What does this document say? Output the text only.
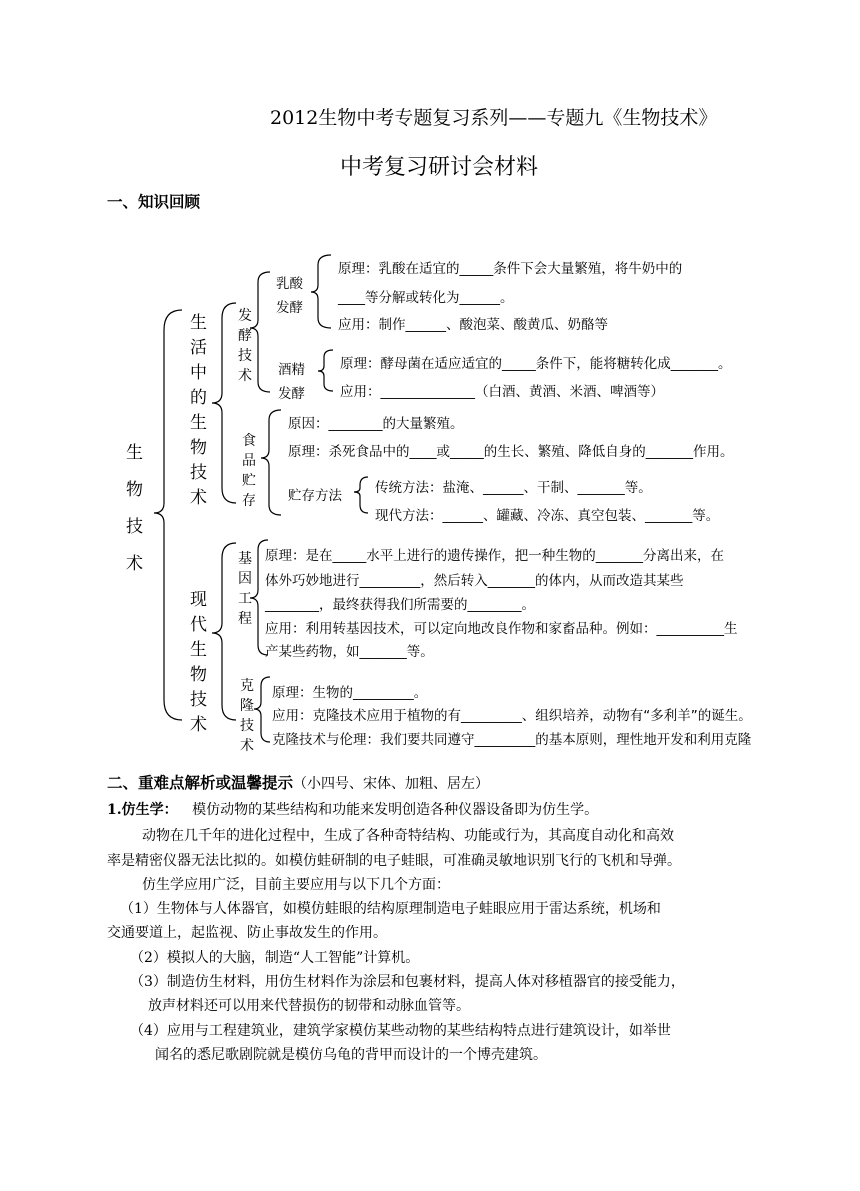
2012生物中考专题复习系列——专题九《生物技术》
中考复习研讨会材料
一、知识回顾
生
物
技
术
生
活
中
的
生
物
技
术
现
代
生
物
技
术
发
酵
技
术
食
品
贮
存
基
因
工
程
克
隆
技
术
乳酸
发酵
酒精
发酵
原理：乳酸在适宜的_____条件下会大量繁殖，将牛奶中的
____等分解或转化为______。
应用：制作______、酸泡菜、酸黄瓜、奶酪等
原理：酵母菌在适应适宜的_____条件下，能将糖转化成_______。
应用：______________（白酒、黄酒、米酒、啤酒等）
原因：________的大量繁殖。
原理：杀死食品中的____或_____的生长、繁殖、降低自身的_______作用。
贮存方法 传统方法：盐淹、______、干制、_______等。
现代方法：______、罐藏、冷冻、真空包装、_______等。
原理：是在_____水平上进行的遗传操作，把一种生物的_______分离出来，在
体外巧妙地进行_________，然后转入_______的体内，从而改造其某些
________，最终获得我们所需要的________。
应用：利用转基因技术，可以定向地改良作物和家畜品种。例如：__________生
产某些药物，如_______等。
原理：生物的_________。
应用：克隆技术应用于植物的有_________、组织培养，动物有“多利羊”的诞生。
克隆技术与伦理：我们要共同遵守_________的基本原则，理性地开发和利用克隆
二、重难点解析或温馨提示（小四号、宋体、加粗、居左）
1.仿生学： 模仿动物的某些结构和功能来发明创造各种仪器设备即为仿生学。
动物在几千年的进化过程中，生成了各种奇特结构、功能或行为，其高度自动化和高效
率是精密仪器无法比拟的。如模仿蛙研制的电子蛙眼，可准确灵敏地识别飞行的飞机和导弹。
仿生学应用广泛，目前主要应用与以下几个方面：
（1）生物体与人体器官，如模仿蛙眼的结构原理制造电子蛙眼应用于雷达系统，机场和
交通要道上，起监视、防止事故发生的作用。
（2）模拟人的大脑，制造“人工智能”计算机。
（3）制造仿生材料，用仿生材料作为涂层和包裹材料，提高人体对移植器官的接受能力，
放声材料还可以用来代替损伤的韧带和动脉血管等。
（4）应用与工程建筑业，建筑学家模仿某些动物的某些结构特点进行建筑设计，如举世
闻名的悉尼歌剧院就是模仿乌龟的背甲而设计的一个博壳建筑。
